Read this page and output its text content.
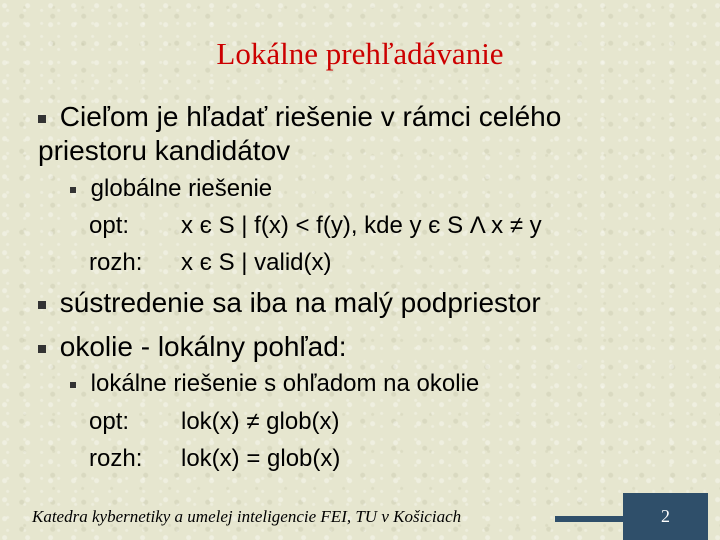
Lokálne prehľadávanie
Cieľom je hľadať riešenie v rámci celého
priestoru kandidátov
globálne riešenie
opt: x є S | f(x) < f(y), kde y є S Λ x ≠ y
rozh: x є S | valid(x)
sústredenie sa iba na malý podpriestor
okolie - lokálny pohľad:
lokálne riešenie s ohľadom na okolie
opt: lok(x) ≠ glob(x)
rozh: lok(x) = glob(x)
Katedra kybernetiky a umelej inteligencie FEI, TU v Košiciach	2
